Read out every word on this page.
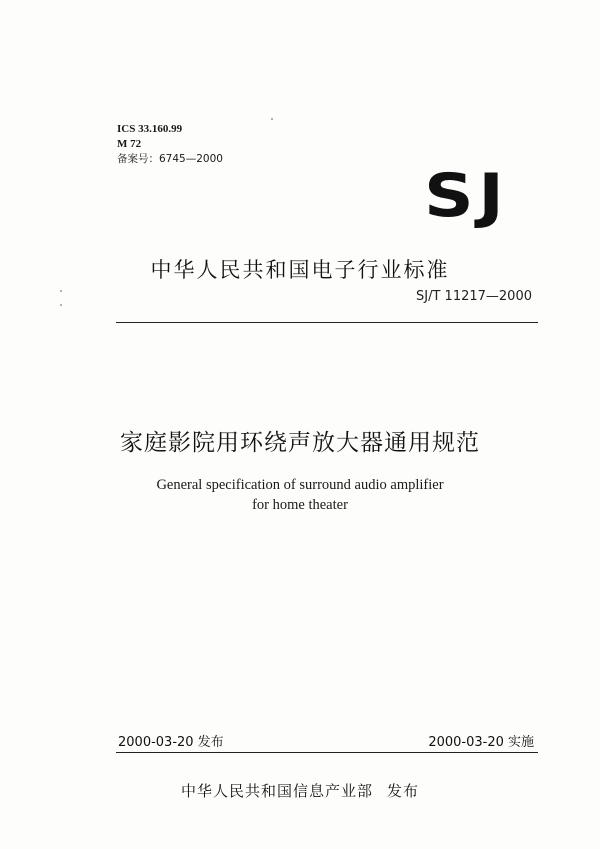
ICS 33.160.99
M 72
备案号：6745—2000
SJ
中华人民共和国电子行业标准
SJ/T 11217—2000
家庭影院用环绕声放大器通用规范
General specification of surround audio amplifier
for home theater
2000-03-20 发布	2000-03-20 实施
中华人民共和国信息产业部 发布
